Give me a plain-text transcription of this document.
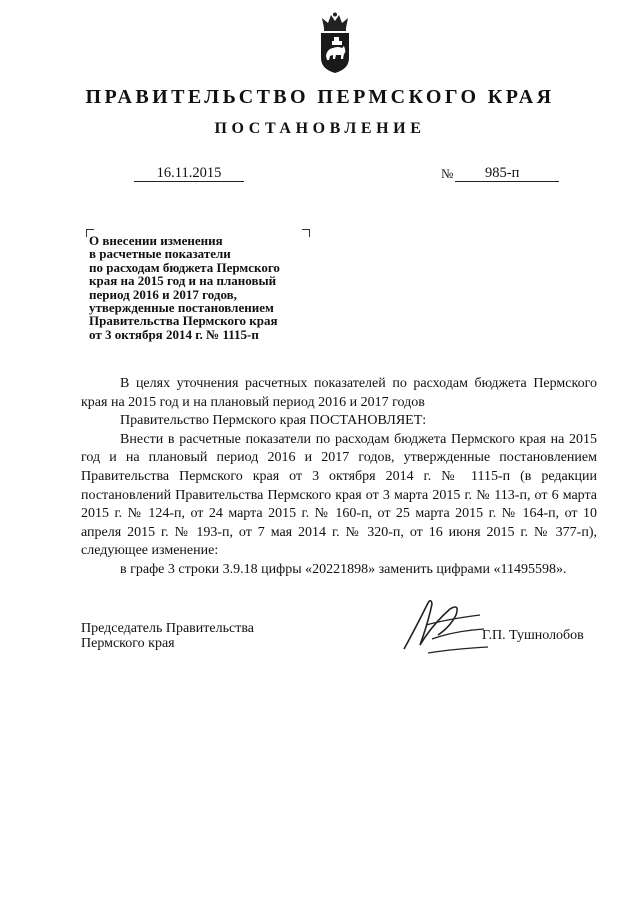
ПРАВИТЕЛЬСТВО ПЕРМСКОГО КРАЯ
ПОСТАНОВЛЕНИЕ
16.11.2015	№ 985-п
О внесении изменения
в расчетные показатели
по расходам бюджета Пермского
края на 2015 год и на плановый
период 2016 и 2017 годов,
утвержденные постановлением
Правительства Пермского края
от 3 октября 2014 г. № 1115-п
В целях уточнения расчетных показателей по расходам бюджета Пермского края на 2015 год и на плановый период 2016 и 2017 годов
Правительство Пермского края ПОСТАНОВЛЯЕТ:
Внести в расчетные показатели по расходам бюджета Пермского края на 2015 год и на плановый период 2016 и 2017 годов, утвержденные постановлением Правительства Пермского края от 3 октября 2014 г. № 1115-п (в редакции постановлений Правительства Пермского края от 3 марта 2015 г. № 113-п, от 6 марта 2015 г. № 124-п, от 24 марта 2015 г. № 160-п, от 25 марта 2015 г. № 164-п, от 10 апреля 2015 г. № 193-п, от 7 мая 2014 г. № 320-п, от 16 июня 2015 г. № 377-п), следующее изменение:
в графе 3 строки 3.9.18 цифры «20221898» заменить цифрами «11495598».
Председатель Правительства
Пермского края
Г.П. Тушнолобов
